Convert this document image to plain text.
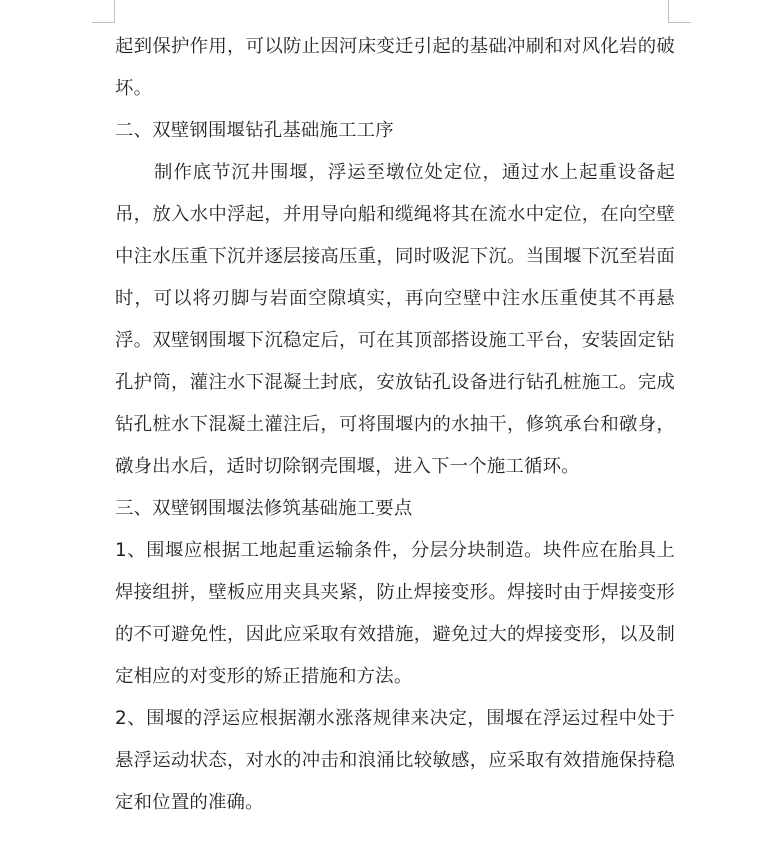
起到保护作用，可以防止因河床变迁引起的基础冲刷和对风化岩的破坏。

二、双壁钢围堰钻孔基础施工工序

制作底节沉井围堰，浮运至墩位处定位，通过水上起重设备起吊，放入水中浮起，并用导向船和缆绳将其在流水中定位，在向空壁中注水压重下沉并逐层接高压重，同时吸泥下沉。当围堰下沉至岩面时，可以将刃脚与岩面空隙填实，再向空壁中注水压重使其不再悬浮。双壁钢围堰下沉稳定后，可在其顶部搭设施工平台，安装固定钻孔护筒，灌注水下混凝土封底，安放钻孔设备进行钻孔桩施工。完成钻孔桩水下混凝土灌注后，可将围堰内的水抽干，修筑承台和礅身，礅身出水后，适时切除钢壳围堰，进入下一个施工循环。

三、双壁钢围堰法修筑基础施工要点

1、围堰应根据工地起重运输条件，分层分块制造。块件应在胎具上焊接组拼，壁板应用夹具夹紧，防止焊接变形。焊接时由于焊接变形的不可避免性，因此应采取有效措施，避免过大的焊接变形，以及制定相应的对变形的矫正措施和方法。

2、围堰的浮运应根据潮水涨落规律来决定，围堰在浮运过程中处于悬浮运动状态，对水的冲击和浪涌比较敏感，应采取有效措施保持稳定和位置的准确。
